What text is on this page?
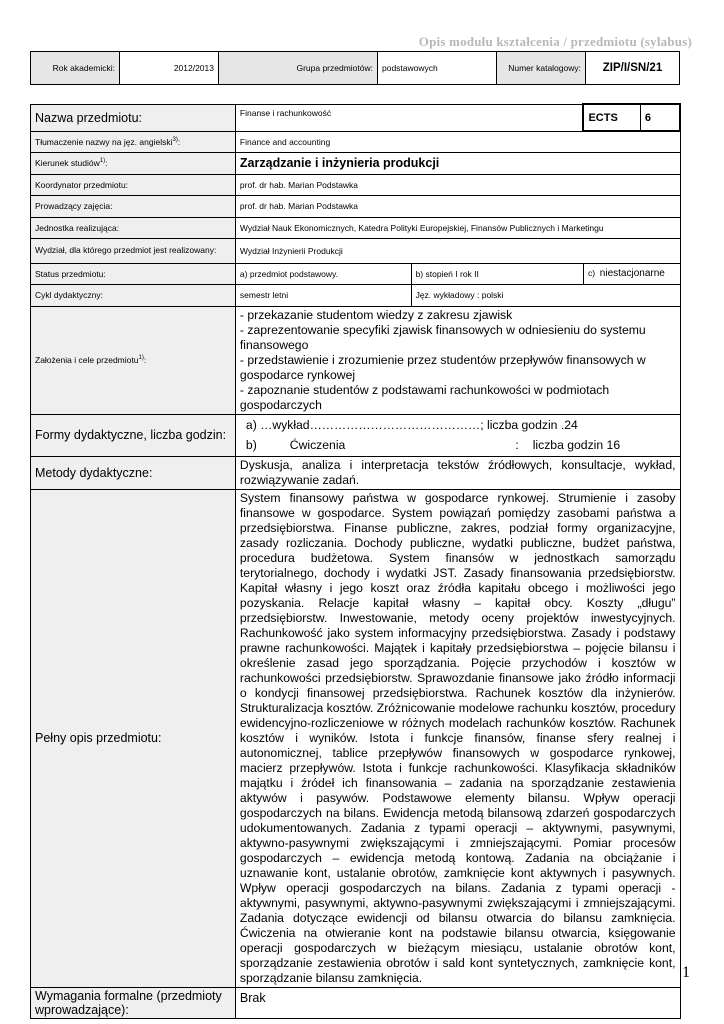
Opis modułu kształcenia / przedmiotu (sylabus)
Rok akademicki:	2012/2013	Grupa przedmiotów:	podstawowych	Numer katalogowy:	ZIP/I/SN/21
Nazwa przedmiotu:	Finanse i rachunkowość		ECTS	6
Tłumaczenie nazwy na jęz. angielski$^{3)}$:	Finance and accounting			
Kierunek studiów$^{1)}$:	Zarządzanie i inżynieria produkcji			
Koordynator przedmiotu:	prof. dr hab. Marian Podstawka			
Prowadzący zajęcia:	prof. dr hab. Marian Podstawka			
Jednostka realizująca:	Wydział Nauk Ekonomicznych, Katedra Polityki Europejskiej, Finansów Publicznych i Marketingu			
Wydział, dla którego przedmiot jest realizowany:	Wydział Inżynierii Produkcji			
Status przedmiotu:	a) przedmiot podstawowy.	b) stopień I rok II	c) niestacjonarne	
Cykl dydaktyczny:	semestr letni	Jęz. wykładowy : polski		
Założenia i cele przedmiotu$^{1)}$:	- przekazanie studentom wiedzy z zakresu zjawisk
- zaprezentowanie specyfiki zjawisk finansowych w odniesieniu do systemu finansowego
- przedstawienie i zrozumienie przez studentów przepływów finansowych w gospodarce rynkowej
- zapoznanie studentów z podstawami rachunkowości w podmiotach gospodarczych			

Formy dydaktyczne, liczba godzin:	a) …wykład……………………………………; liczba godzin .24
b) Ćwiczenia : liczba godzin 16			

Metody dydaktyczne:	Dyskusja, analiza i interpretacja tekstów źródłowych, konsultacje, wykład, rozwiązywanie zadań.			
Pełny opis przedmiotu:	System finansowy państwa w gospodarce rynkowej. Strumienie i zasoby finansowe w gospodarce. System powiązań pomiędzy zasobami państwa a przedsiębiorstwa. Finanse publiczne, zakres, podział formy organizacyjne, zasady rozliczania. Dochody publiczne, wydatki publiczne, budżet państwa, procedura budżetowa. System finansów w jednostkach samorządu terytorialnego, dochody i wydatki JST. Zasady finansowania przedsiębiorstw. Kapitał własny i jego koszt oraz źródła kapitału obcego i możliwości jego pozyskania. Relacje kapitał własny – kapitał obcy. Koszty „długu” przedsiębiorstw. Inwestowanie, metody oceny projektów inwestycyjnych. Rachunkowość jako system informacyjny przedsiębiorstwa. Zasady i podstawy prawne rachunkowości. Majątek i kapitały przedsiębiorstwa – pojęcie bilansu i określenie zasad jego sporządzania. Pojęcie przychodów i kosztów w rachunkowości przedsiębiorstw. Sprawozdanie finansowe jako źródło informacji o kondycji finansowej przedsiębiorstwa. Rachunek kosztów dla inżynierów. Strukturalizacja kosztów. Zróżnicowanie modelowe rachunku kosztów, procedury ewidencyjno-rozliczeniowe w różnych modelach rachunków kosztów. Rachunek kosztów i wyników. Istota i funkcje finansów, finanse sfery realnej i autonomicznej, tablice przepływów finansowych w gospodarce rynkowej, macierz przepływów. Istota i funkcje rachunkowości. Klasyfikacja składników majątku i źródeł ich finansowania – zadania na sporządzanie zestawienia aktywów i pasywów. Podstawowe elementy bilansu. Wpływ operacji gospodarczych na bilans. Ewidencja metodą bilansową zdarzeń gospodarczych udokumentowanych. Zadania z typami operacji – aktywnymi, pasywnymi, aktywno-pasywnymi zwiększającymi i zmniejszającymi. Pomiar procesów gospodarczych – ewidencja metodą kontową. Zadania na obciążanie i uznawanie kont, ustalanie obrotów, zamknięcie kont aktywnych i pasywnych. Wpływ operacji gospodarczych na bilans. Zadania z typami operacji - aktywnymi, pasywnymi, aktywno-pasywnymi zwiększającymi i zmniejszającymi. Zadania dotyczące ewidencji od bilansu otwarcia do bilansu zamknięcia. Ćwiczenia na otwieranie kont na podstawie bilansu otwarcia, księgowanie operacji gospodarczych w bieżącym miesiącu, ustalanie obrotów kont, sporządzanie zestawienia obrotów i sald kont syntetycznych, zamknięcie kont, sporządzanie bilansu zamknięcia.			
Wymagania formalne (przedmioty wprowadzające):	Brak			
1
